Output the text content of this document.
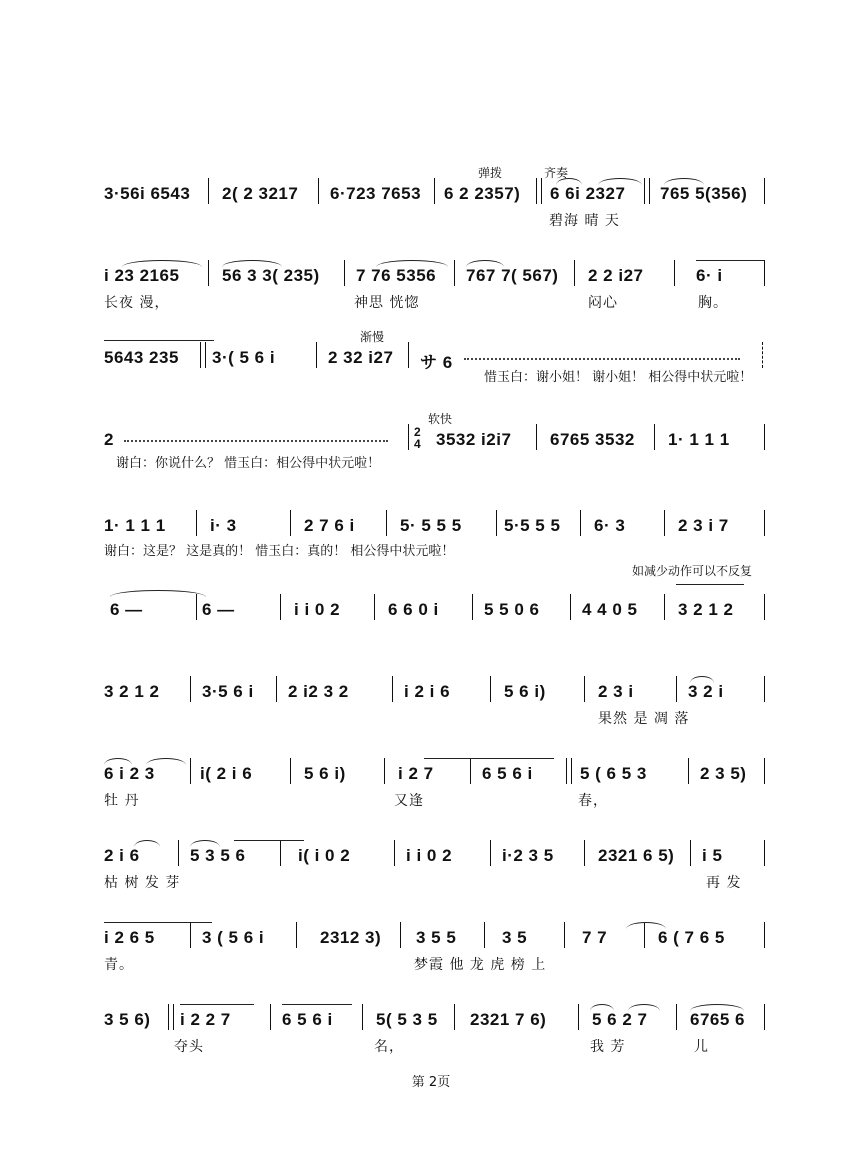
弹拨	齐奏
3·56i 6543 2( 2 3217 6·723 7653 6 2 2357) 6 6i 2327 765 5(356)
碧海 晴 天
i 23 2165	56 3 3( 235) 7 76 5356 767 7( 567) 2 2 i27	6· i
长夜 漫，	神思 恍惚	闷心	胸。
渐慢
5643 235 3·( 5 6 i	2 32 i27 サ 6
惜玉白：谢小姐！ 谢小姐！ 相公得中状元啦！
软快
2	2
4 3532 i2i7 6765 3532 1· 1 1 1
谢白：你说什么？ 惜玉白：相公得中状元啦！
1· 1 1 1	i· 3	2 7 6 i	5· 5 5 5 5·5 5 5 6· 3	2 3 i 7
谢白：这是？ 这是真的！ 惜玉白：真的！ 相公得中状元啦！
如减少动作可以不反复
6 —	6 —	i i 0 2	6 6 0 i	5 5 0 6	4 4 0 5 3 2 1 2
3 2 1 2	3·5 6 i 2 i2 3 2	i 2 i 6	5 6 i)	2 3 i	3 2 i
果然 是 凋 落
6 i 2 3	i( 2 i 6	5 6 i)	i 2 7	6 5 6 i	5 ( 6 5 3	2 3 5)
牡 丹	又逢	春，
2 i 6	5 3 5 6	i( i 0 2	i i 0 2	i·2 3 5	2321 6 5) i 5
枯 树 发 芽	再 发
i 2 6 5	3 ( 5 6 i	2312 3) 3 5 5	3 5	7 7	6 ( 7 6 5
青。	梦霞 他 龙 虎 榜 上
3 5 6) i 2 2 7	6 5 6 i	5( 5 3 5 2321 7 6)	5 6 2 7	6765 6
夺头	名，	我 芳	儿
第 2页
